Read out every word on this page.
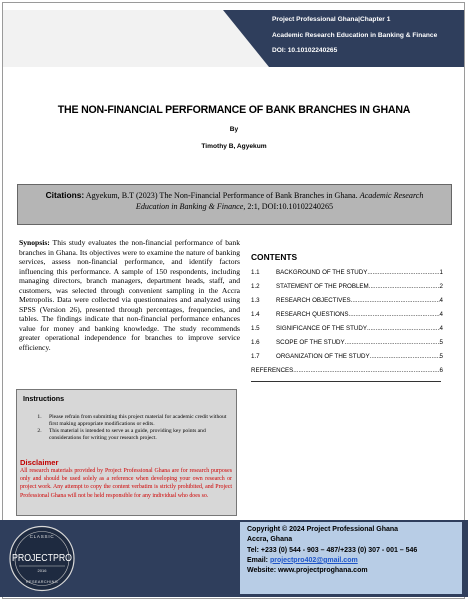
Project Professional Ghana|Chapter 1
Academic Research Education in Banking & Finance
DOI: 10.10102240265
THE NON-FINANCIAL PERFORMANCE OF BANK BRANCHES IN GHANA
By
Timothy B, Agyekum
Citations: Agyekum, B.T (2023) The Non-Financial Performance of Bank Branches in Ghana. Academic Research Education in Banking & Finance, 2:1, DOI:10.10102240265
Synopsis: This study evaluates the non-financial performance of bank branches in Ghana. Its objectives were to examine the nature of banking services, assess non-financial performance, and identify factors influencing this performance. A sample of 150 respondents, including managing directors, branch managers, department heads, staff, and customers, was selected through convenient sampling in the Accra Metropolis. Data were collected via questionnaires and analyzed using SPSS (Version 26), presented through percentages, frequencies, and tables. The findings indicate that non-financial performance enhances value for money and banking knowledge. The study recommends greater operational independence for branches to improve service efficiency.
CONTENTS
1.1	BACKGROUND OF THE STUDY .....	1
1.2	STATEMENT OF THE PROBLEM .....	2
1.3	RESEARCH OBJECTIVES .....	4
1.4	RESEARCH QUESTIONS .....	4
1.5	SIGNIFICANCE OF THE STUDY .....	4
1.6	SCOPE OF THE STUDY .....	5
1.7	ORGANIZATION OF THE STUDY .....	5
REFERENCES .....	6
Instructions
1. Please refrain from submitting this project material for academic credit without first making appropriate modifications or edits.
2. This material is intended to serve as a guide, providing key points and considerations for writing your research project.
Disclaimer
All research materials provided by Project Professional Ghana are for research purposes only and should be used solely as a reference when developing your own research or project work. Any attempt to copy the content verbatim is strictly prohibited, and Project Professional Ghana will not be held responsible for any individual who does so.
CLASSIC
PROJECTPRO
2016
RESEARCHING
Copyright © 2024 Project Professional Ghana
Accra, Ghana
Tel: +233 (0) 544 - 903 – 487/+233 (0) 307 - 001 – 546
Email: projectpro402@gmail.com
Website: www.projectproghana.com
